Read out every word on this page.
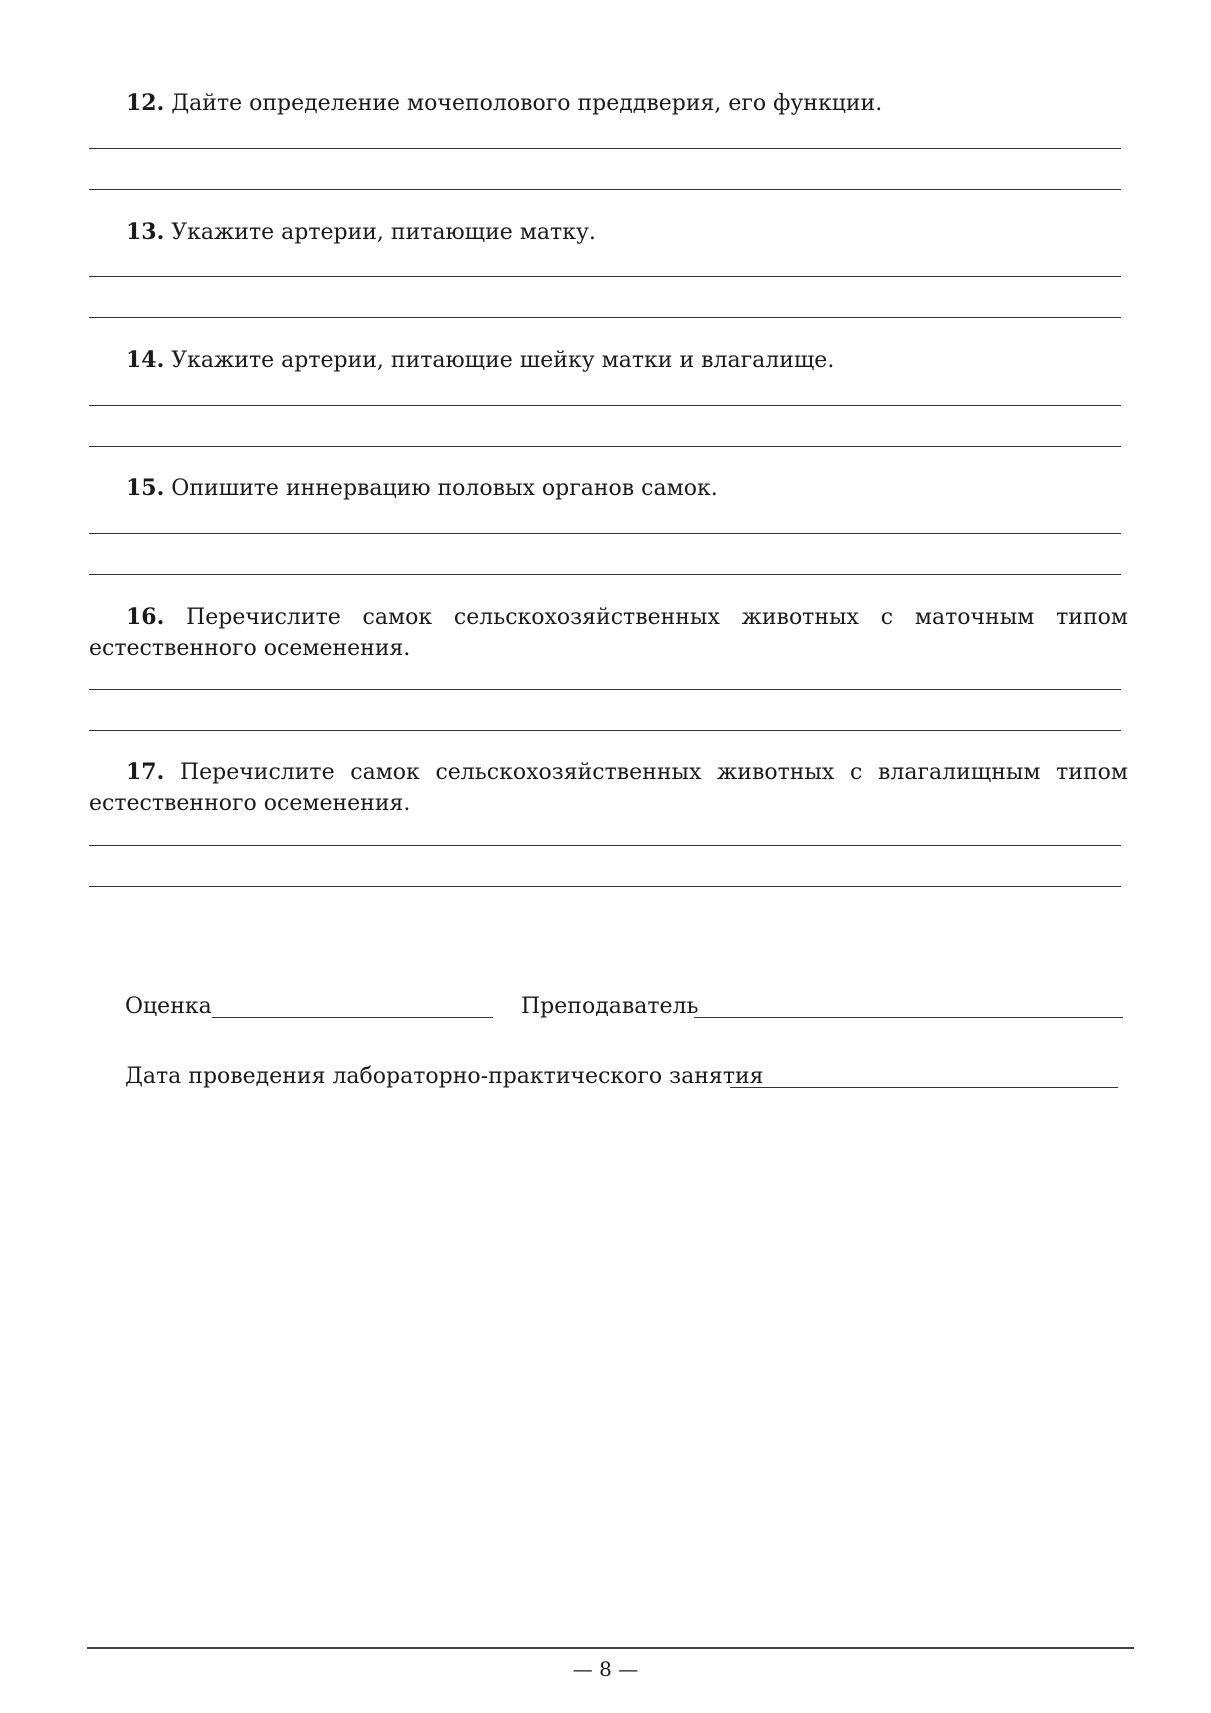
12. Дайте определение мочеполового преддверия, его функции.
13. Укажите артерии, питающие матку.
14. Укажите артерии, питающие шейку матки и влагалище.
15. Опишите иннервацию половых органов самок.
16. Перечислите самок сельскохозяйственных животных с маточным типом естественного осеменения.
17. Перечислите самок сельскохозяйственных животных с влагалищным типом естественного осеменения.
Оценка	Преподаватель
Дата проведения лабораторно-практического занятия
— 8 —
